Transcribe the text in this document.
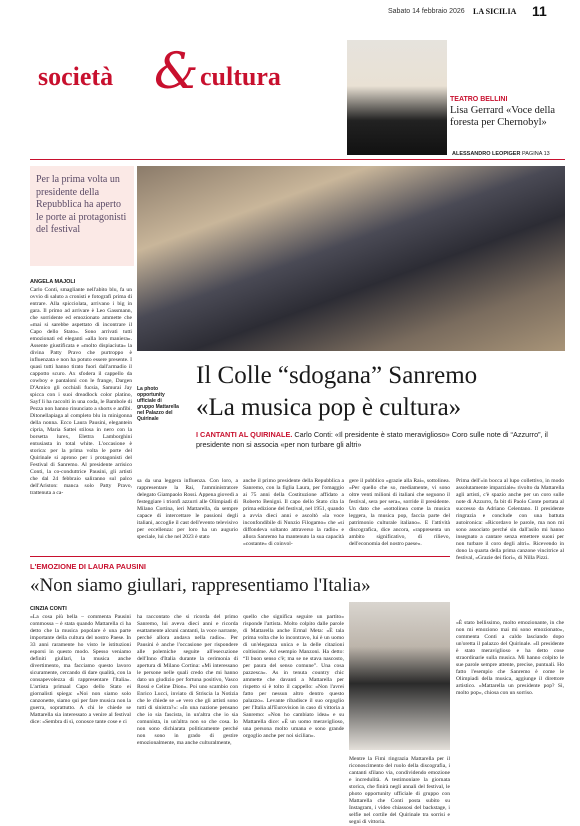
Sabato 14 febbraio 2026 LA SICILIA 11
società & cultura
TEATRO BELLINI
Lisa Gerrard «Voce della foresta per Chernobyl»
ALESSANDRO LEOPIGER PAGINA 13
Per la prima volta un presidente della Repubblica ha aperto le porte ai protagonisti del festival
La photo opportunity ufficiale di gruppo Mattarella nel Palazzo del Quirinale
ANGELA MAJOLI
Carlo Conti, smagliante nell'abito blu, fa un ovvio di saluto a cronisti e fotografi prima di entrare. Alla spicciolata, arrivano i big in gara. Il primo ad arrivare è Leo Gassmann, che sorridente ed emozionato ammette che «mai si sarebbe aspettato di incontrare il Capo dello Stato». Sono arrivati tutti emozionati ed eleganti «alla loro maniera». Assente giustificata e «molto dispiaciuta» la divina Patty Pravo che purtroppo è influenzata e non ha potuto essere presente. I quasi tutti hanno tirato fuori dall'armadio il cappotto scuro. Ax sfodera il cappello da cowboy e pantaloni con le frange, Dargen D'Amico gli occhiali fucsia, Samurai Jay spicca con i suoi dreadlock color platino, Sayf li ha raccolti in una coda, le Bambole di Pezza non hanno rinunciato a shorts e anfibi. Ditonellapiaga al completo blu in minigonna della nonna. Ecco Laura Pausini, elegantein cipria, Maria Sattei stilosa in nero con la borsetta lurex, Elettra Lamborghini entusiasta in total white. L'occasione è storica: per la prima volta le porte del Quirinale si aprono per i protagonisti del Festival di Sanremo. Al presidente arrisico Conti, la co-conduttrice Pausini, gli artisti che dal 24 febbraio saliranno sul palco dell'Ariston: manca solo Patty Pravo, trattenuta a ca-
Il Colle “sdogana” Sanremo
«La musica pop è cultura»
I CANTANTI AL QUIRINALE. Carlo Conti: «Il presidente è stato meraviglioso» Coro sulle note di “Azzurro”, il presidente non si associa «per non turbare gli altri»
sa da una leggera influenza. Con loro, a rappresentare la Rai, l'amministratore delegato Giampaolo Rossi. Appena giovedì a festeggiare i trionfi azzurri alle Olimpiadi di Milano Cortina, ieri Mattarella, da sempre capace di intercettare le passioni degli italiani, accoglie il cast dell'evento televisivo per eccellenza: per loro ha un augurio speciale, lui che nel 2023 è stato
anche il primo presidente della Repubblica a Sanremo, con la figlia Laura, per l'omaggio ai 75 anni della Costituzione affidato a Roberto Benigni. Il capo dello Stato cita la prima edizione del festival, nel 1951, quando a avvia dieci anni e ascoltò «la voce inconfondibile di Nunzio Filogamo» che «si diffondeva soltanto attraverso la radio» e allora Sanremo ha mantenuto la sua capacità «costante» di coinvol-
gere il pubblico «grazie alla Rai», sottolinea. «Per quello che so, mediamente, vi sono oltre venti milioni di italiani che seguono il festival, sera per sera», sorride il presidente. Un dato che «sottolinea come la musica leggera, la musica pop, faccia parte del patrimonio culturale italiano». E l'attività discografica, dice ancora, «rappresenta un ambito significativo, di rilievo, dell'economia del nostro paese».
Prima dell'«in bocca al lupo collettivo, in modo assolutamente imparziale» rivolto da Mattarella agli artisti, c'è spazio anche per un coro sulle note di Azzurro, fa bit di Paolo Conte portata al successo da Adriano Celentano. Il presidente ringrazia e conclude con una battuta autoironica: «Ricordavo le parole, ma non mi sono associato perché sin dall'asilo mi hanno insegnato a cantare senza emettere suoni per non turbare il coro degli altri». Ricevendo in dono la quarta della prima canzone vincitrice al festival, «Grazie dei fiori», di Nilla Pizzi.
L'EMOZIONE DI LAURA PAUSINI
«Non siamo giullari, rappresentiamo l'Italia»
CINZIA CONTI
«La cosa più bella – commenta Pausini commossa – è stata quando Mattarella ci ha detto che la musica popolare è una parte importante della cultura del nostro Paese. In 33 anni raramente ho visto le istituzioni esporsi in questo modo. Spesso veniamo definiti giullari, la musica anche divertimento, ma facciamo questo lavoro sicuramente, cercando di dare qualità, con la consapevolezza di rappresentare l'Italia». L'artista primaal Capo dello Stato ei giornalisti spiega: «Noi non siamo solo canzonette, siamo qui per fare musica non la guerra, soprattutto. A chi le chiede se Mattarella sia interessato a venire al festival dice: «Sembra di sì, conosce tante cose e ci
ha raccontato che si ricorda del primo Sanremo, lui aveva dieci anni e ricorda esattamente alcuni cantanti, la voce narrante, perché allora andava nella radio». Per Pausini è anche l'occasione per rispondere alle polemiche seguite all'esecuzione dell'Inno d'Italia durante la cerimonia di apertura di Milano Cortina: «Mi interessano le persone nelle quali credo che mi hanno dato un giudizio per fortuna positivo, Vasco Rossi e Celine Dion». Poi uno scambio con Enrico Lucci, inviato di Striscia la Notizia che le chiede se «e vero che gli artisti sono tutti di sinistra?»: «In una nazione pensano che io sia fascista, in un'altra che io sia comunista, in un'altra non so che cosa. Io non sono dichiarata politicamente perché non sono in grado di gestire emozionalmente, ma anche culturalmente,
quello che significa seguire un partito» risponde l'artista. Molto colpito dalle parole di Mattarella anche Ermal Meta: «È tala prima volta che lo incontravo, lui è un uomo di un'eleganza unica e la delle citazioni coltissime. Ad esempio Manzoni. Ha detto: “Il buon senso c'è; ma se ne stava nascosto, per paura del senso comune”. Una cosa pazzesca». As in tenuta country chic ammette che davanti a Mattarella per rispetto si è tolto il cappello: «Non l'avrei fatto per nessun altro dentro questo palazzo». Levante ribadisce il suo orgoglio per l'Italia all'Eurovision in caso di vittoria a Sanremo: «Non ho cambiato idea» e su Mattarella dice: «È un uomo meraviglioso, una persona molto umana e sono grande orgoglio anche per noi sicilian».
Mentre la Fimi ringrazia Mattarella per il riconoscimento del ruolo della discografia, i cantanti sfilano via, condividendo emozione e incredulità. A testimoniare la giornata storica, che finirà negli annali del festival, le photo opportunity ufficiale di gruppo con Mattarella che Conti posta subito su Instagram, i video chiassosi del backstage, i selfie nel cortile del Quirinale tra sorrisi e segni di vittoria.
«È stato bellissimo, molto emozionante, in che non mi emoziono mai mi sono emozionato», commenta Conti a caldo lasciando dopo un'oretta il palazzo del Quirinale. «Il presidente è stato meraviglioso e ha detto cose straordinarie sulla musica. Mi hanno colpito le sue parole sempre attente, precise, puntuali. Ho fatto l'esempio che Sanremo è come le Olimpiadi della musica, aggiunge il direttore artistico. «Mattarella un presidente pop? Sì, molto pop», chiosa con un sorriso.
